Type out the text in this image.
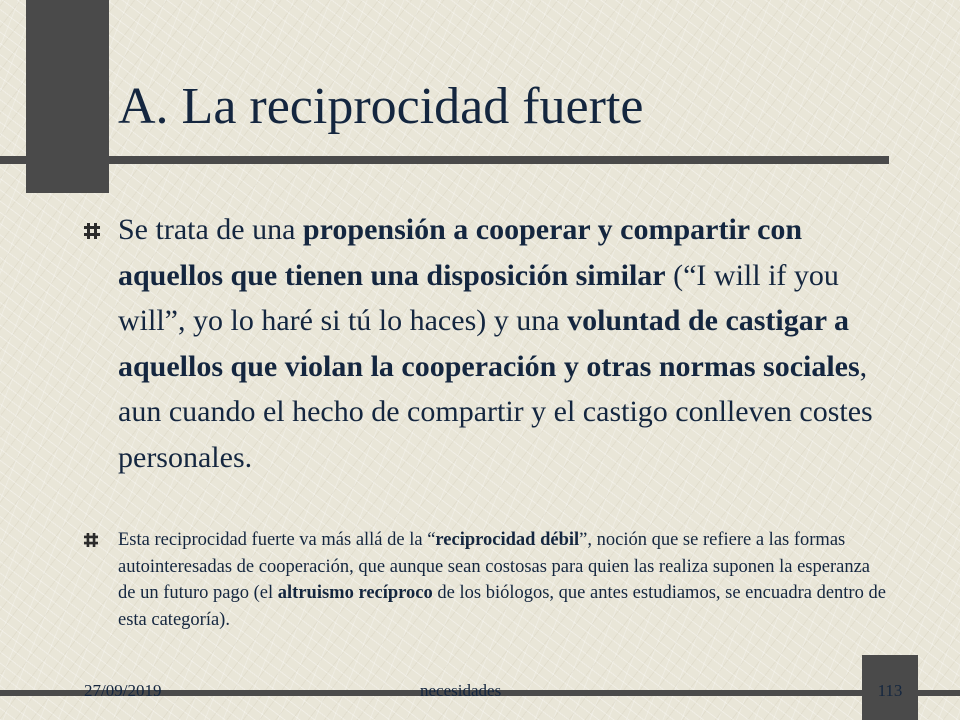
A. La reciprocidad fuerte

Se trata de una propensión a cooperar y compartir con aquellos que tienen una disposición similar (“I will if you will”, yo lo haré si tú lo haces) y una voluntad de castigar a aquellos que violan la cooperación y otras normas sociales, aun cuando el hecho de compartir y el castigo conlleven costes personales.

Esta reciprocidad fuerte va más allá de la “reciprocidad débil”, noción que se refiere a las formas autointeresadas de cooperación, que aunque sean costosas para quien las realiza suponen la esperanza de un futuro pago (el altruismo recíproco de los biólogos, que antes estudiamos, se encuadra dentro de esta categoría).

27/09/2019	necesidades	113
